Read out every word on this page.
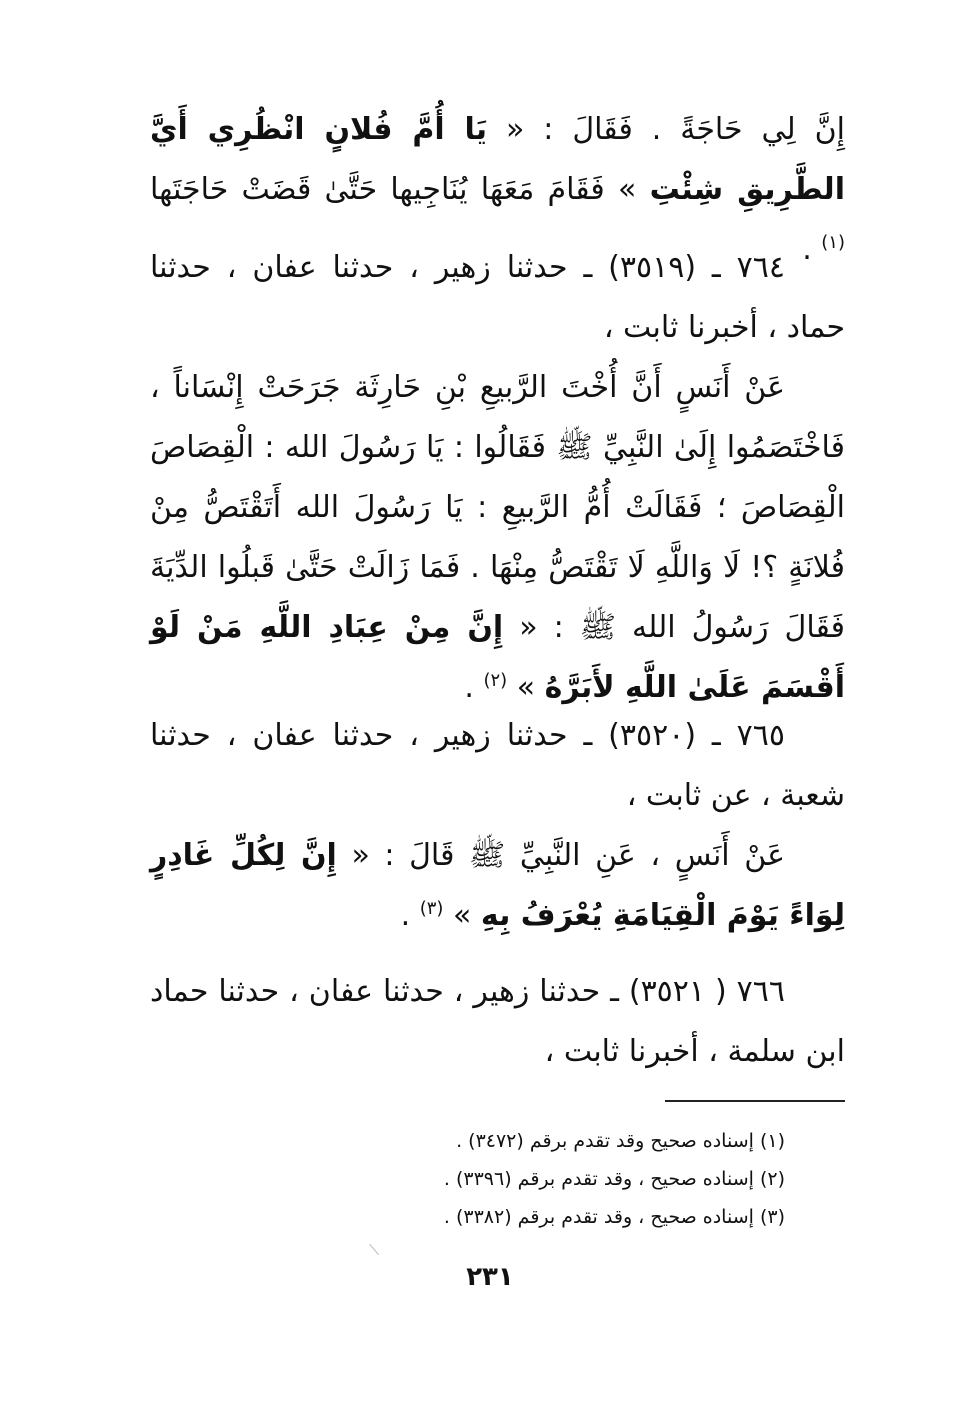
إِنَّ لِي حَاجَةً . فَقَالَ : « يَا أُمَّ فُلانٍ انْظُرِي أَيَّ الطَّرِيقِ شِئْتِ » فَقَامَ مَعَهَا يُنَاجِيها حَتَّىٰ قَضَتْ حَاجَتَها $^{(١)}$ .

٧٦٤ ـ (٣٥١٩) ـ حدثنا زهير ، حدثنا عفان ، حدثنا حماد ، أخبرنا ثابت ،

عَنْ أَنَسٍ أَنَّ أُخْتَ الرَّبيعِ بْنِ حَارِثَة جَرَحَتْ إِنْسَاناً ، فَاخْتَصَمُوا إِلَىٰ النَّبِيِّ ﷺ فَقَالُوا : يَا رَسُولَ الله : الْقِصَاصَ الْقِصَاصَ ؛ فَقَالَتْ أُمُّ الرَّبيعِ : يَا رَسُولَ الله أَتَقْتَصُّ مِنْ فُلانَةٍ ؟! لَا وَاللَّهِ لَا تَقْتَصُّ مِنْهَا . فَمَا زَالَتْ حَتَّىٰ قَبلُوا الدِّيَةَ فَقَالَ رَسُولُ الله ﷺ : « إِنَّ مِنْ عِبَادِ اللَّهِ مَنْ لَوْ أَقْسَمَ عَلَىٰ اللَّهِ لأَبَرَّهُ » $^{(٢)}$ .

٧٦٥ ـ (٣٥٢٠) ـ حدثنا زهير ، حدثنا عفان ، حدثنا شعبة ، عن ثابت ،

عَنْ أَنَسٍ ، عَنِ النَّبِيِّ ﷺ قَالَ : « إِنَّ لِكُلِّ غَادِرٍ لِوَاءً يَوْمَ الْقِيَامَةِ يُعْرَفُ بِهِ » $^{(٣)}$ .

٧٦٦ ( ٣٥٢١) ـ حدثنا زهير ، حدثنا عفان ، حدثنا حماد ابن سلمة ، أخبرنا ثابت ،

(١) إسناده صحيح وقد تقدم برقم (٣٤٧٢) .
(٢) إسناده صحيح ، وقد تقدم برقم (٣٣٩٦) .
(٣) إسناده صحيح ، وقد تقدم برقم (٣٣٨٢) .
٢٣١
